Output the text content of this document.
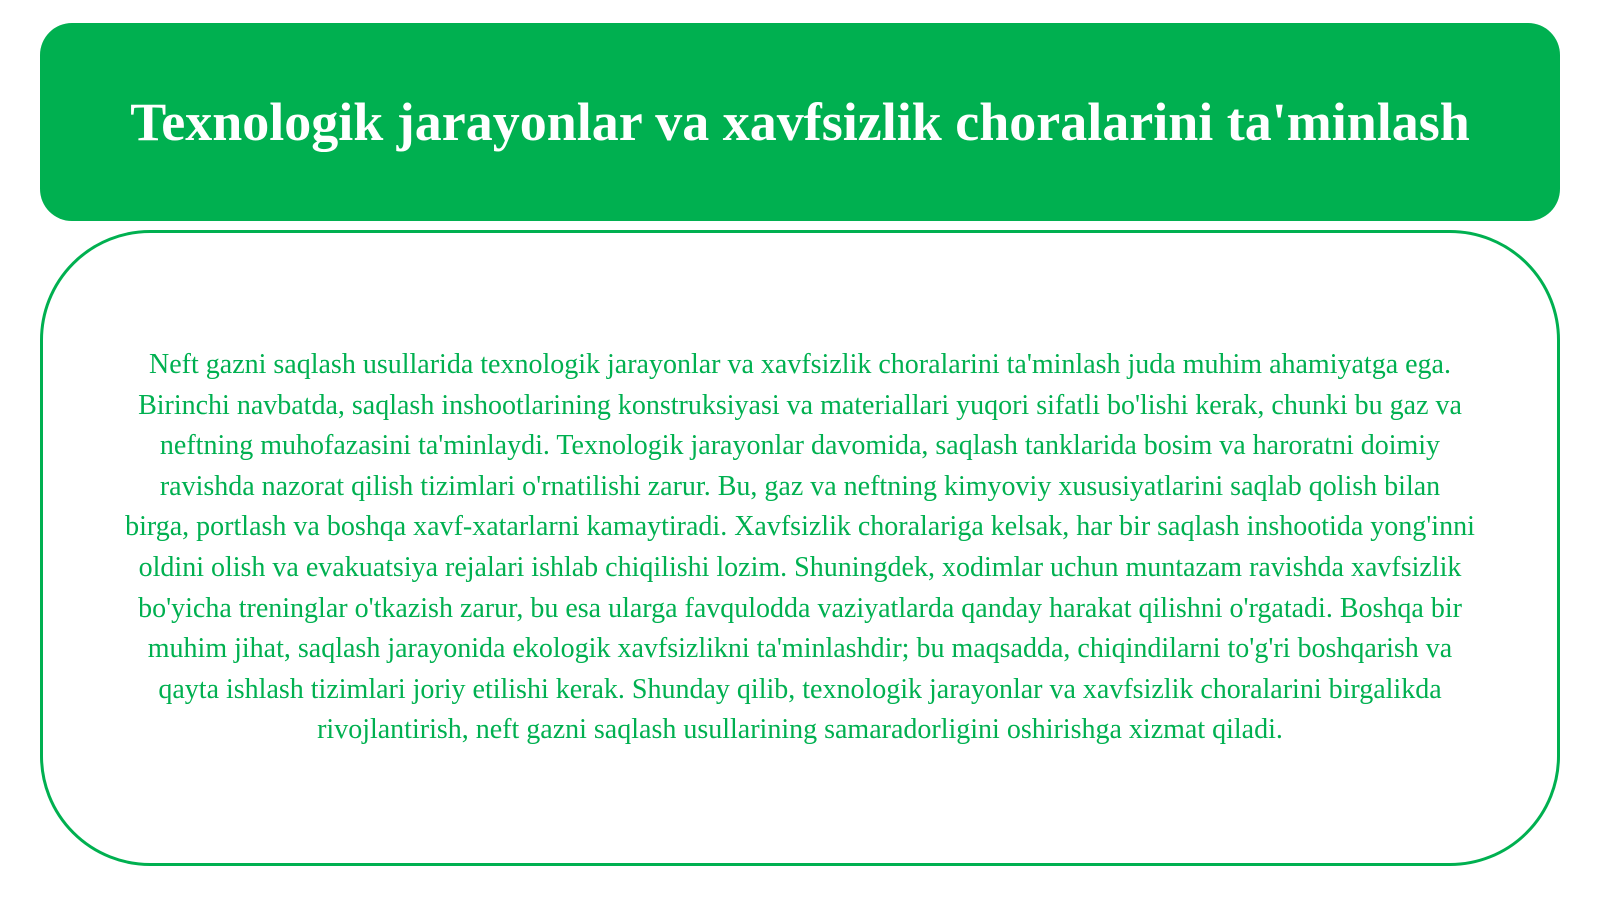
Texnologik jarayonlar va xavfsizlik choralarini ta'minlash

Neft gazni saqlash usullarida texnologik jarayonlar va xavfsizlik choralarini ta'minlash juda muhim ahamiyatga ega. Birinchi navbatda, saqlash inshootlarining konstruksiyasi va materiallari yuqori sifatli bo'lishi kerak, chunki bu gaz va neftning muhofazasini ta'minlaydi. Texnologik jarayonlar davomida, saqlash tanklarida bosim va haroratni doimiy ravishda nazorat qilish tizimlari o'rnatilishi zarur. Bu, gaz va neftning kimyoviy xususiyatlarini saqlab qolish bilan birga, portlash va boshqa xavf-xatarlarni kamaytiradi. Xavfsizlik choralariga kelsak, har bir saqlash inshootida yong'inni oldini olish va evakuatsiya rejalari ishlab chiqilishi lozim. Shuningdek, xodimlar uchun muntazam ravishda xavfsizlik bo'yicha treninglar o'tkazish zarur, bu esa ularga favqulodda vaziyatlarda qanday harakat qilishni o'rgatadi. Boshqa bir muhim jihat, saqlash jarayonida ekologik xavfsizlikni ta'minlashdir; bu maqsadda, chiqindilarni to'g'ri boshqarish va qayta ishlash tizimlari joriy etilishi kerak. Shunday qilib, texnologik jarayonlar va xavfsizlik choralarini birgalikda rivojlantirish, neft gazni saqlash usullarining samaradorligini oshirishga xizmat qiladi.
